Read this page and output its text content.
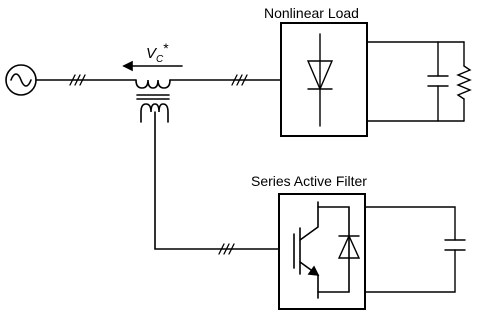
Nonlinear Load
Series Active Filter
$V_C*$
